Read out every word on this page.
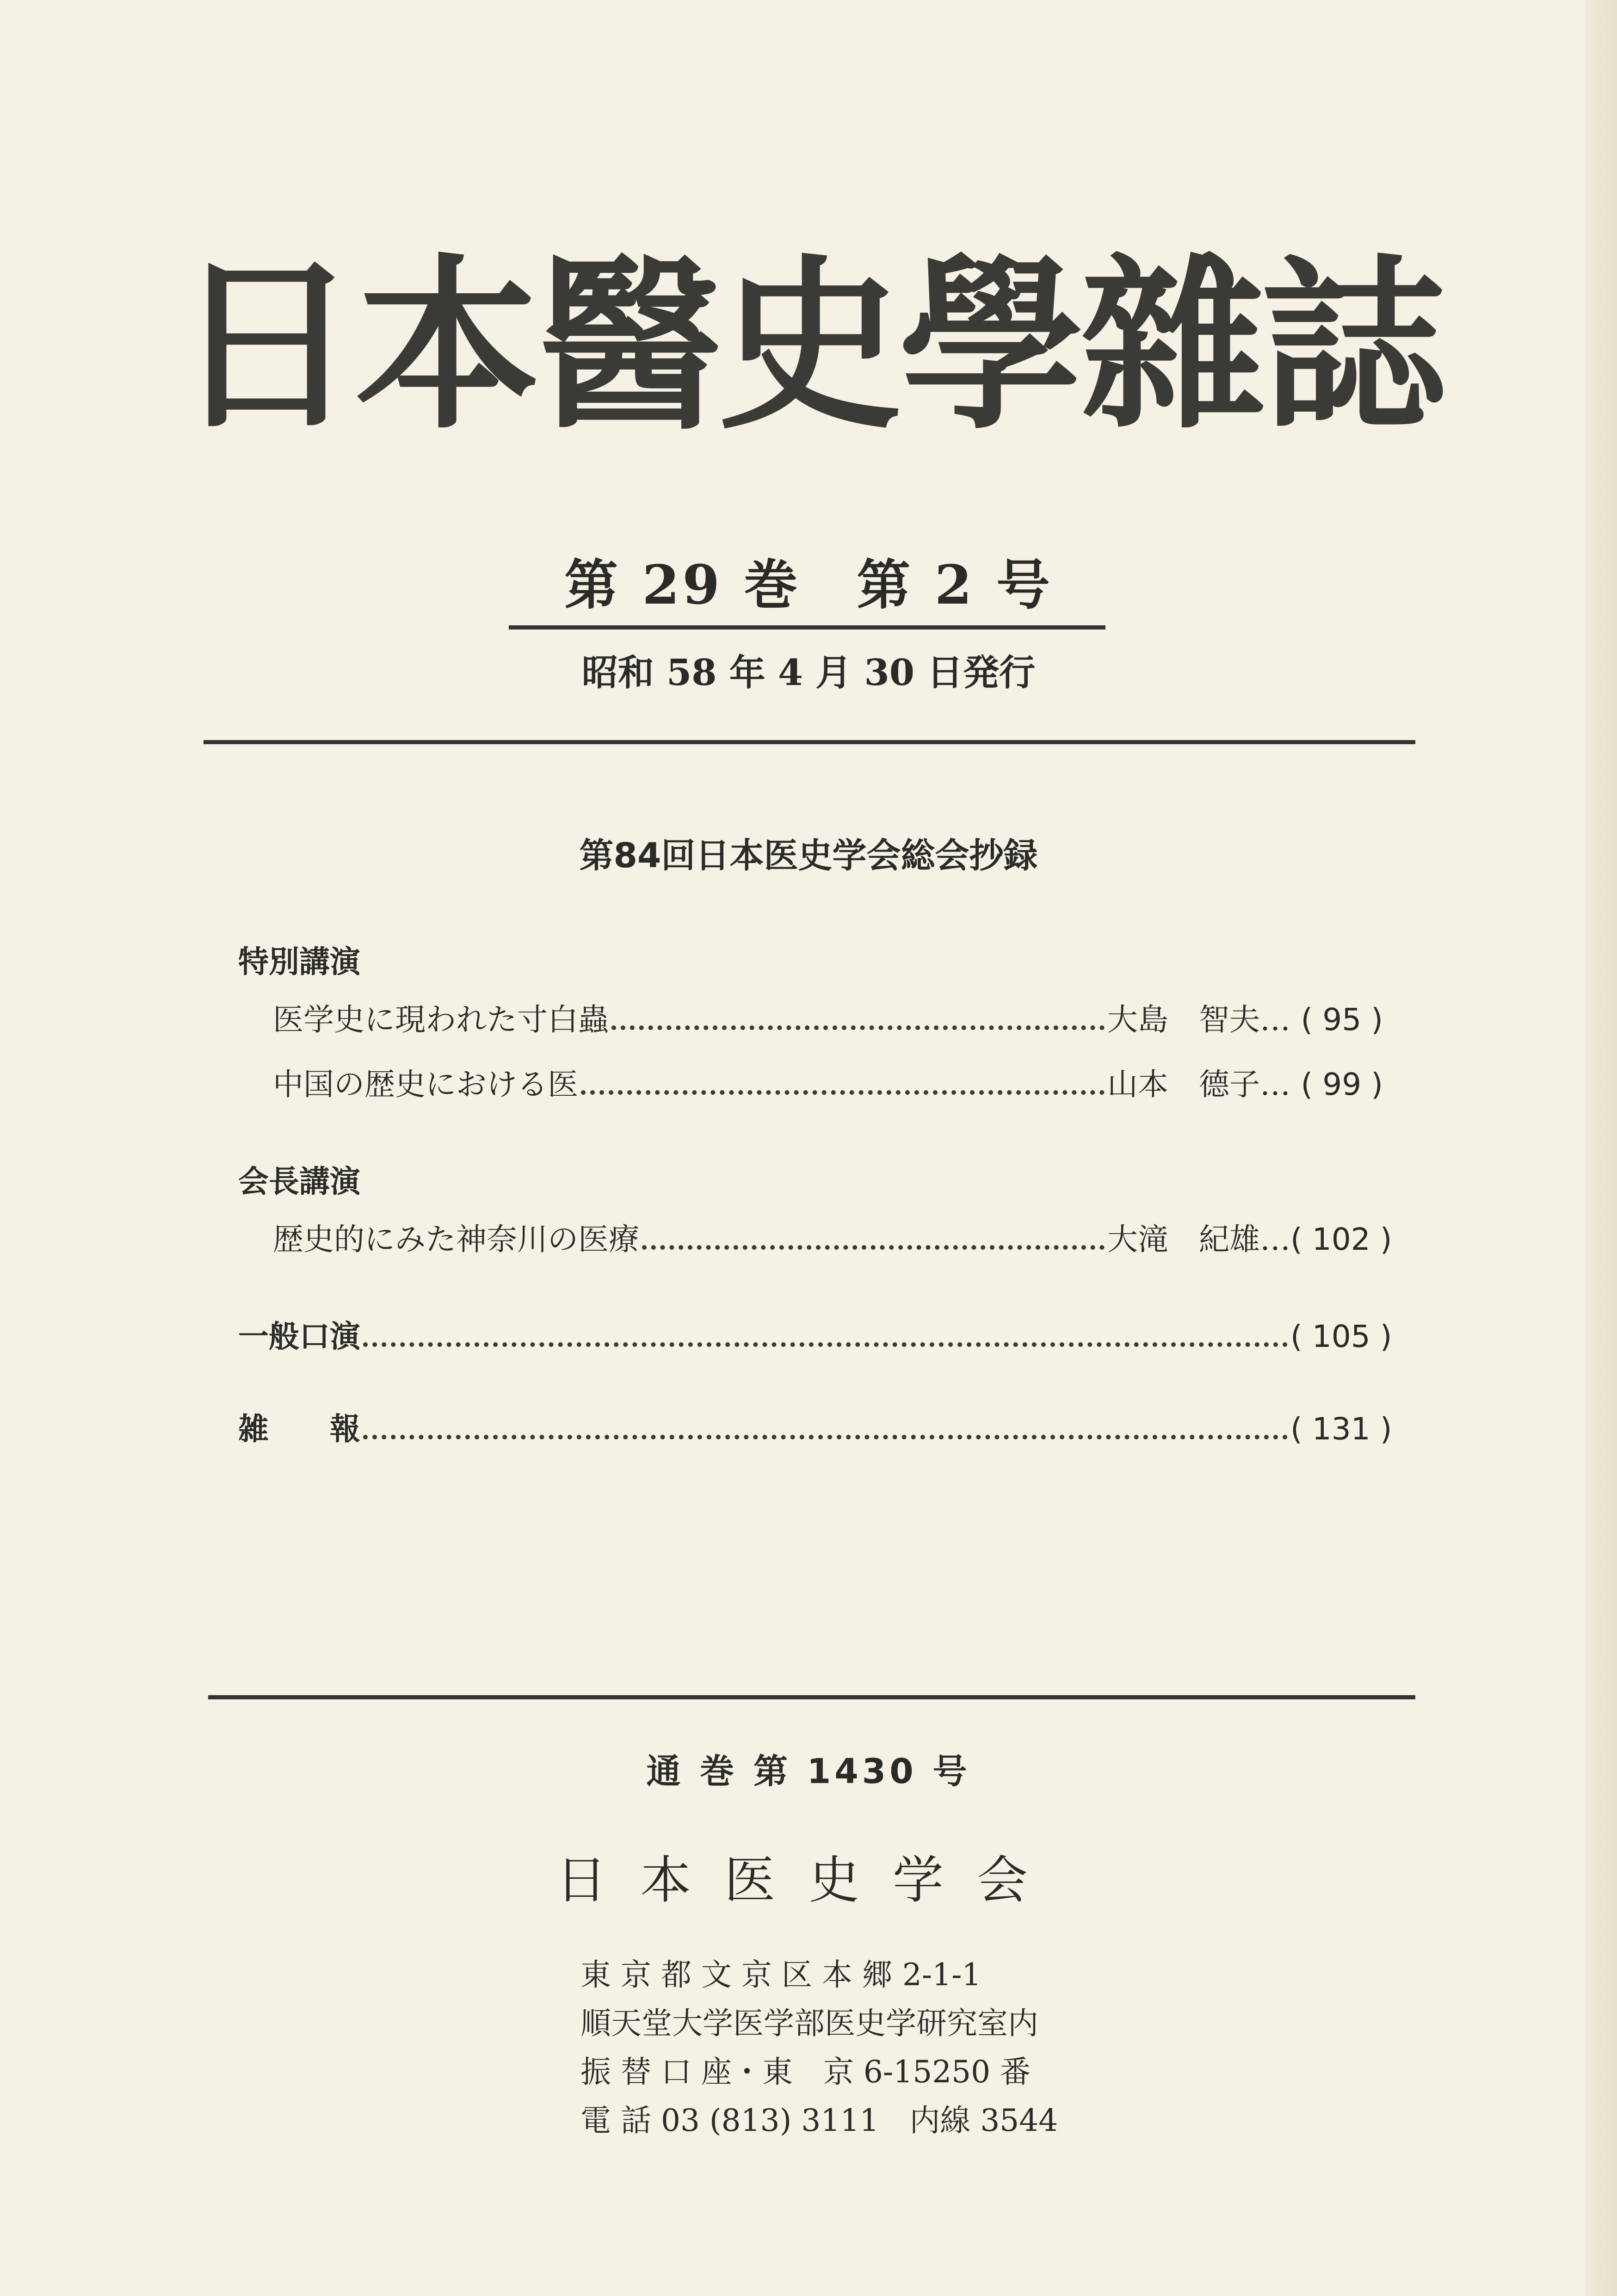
日本醫史學雜誌
第 29 巻　第 2 号
昭和 58 年 4 月 30 日発行
第84回日本医史学会総会抄録
特別講演
医学史に現われた寸白蟲	大島　智夫…	( 95 )
中国の歴史における医	山本　德子…	( 99 )
会長講演
歴史的にみた神奈川の医療	大滝　紀雄… ( 102 )
一般口演	( 105 )
雑　　報	( 131 )
通 巻 第 1430 号
日本医史学会
東 京 都 文 京 区 本 郷 2-1-1
順天堂大学医学部医史学研究室内
振 替 口 座・東　京 6-15250 番
電 話 03 (813) 3111　内線 3544
